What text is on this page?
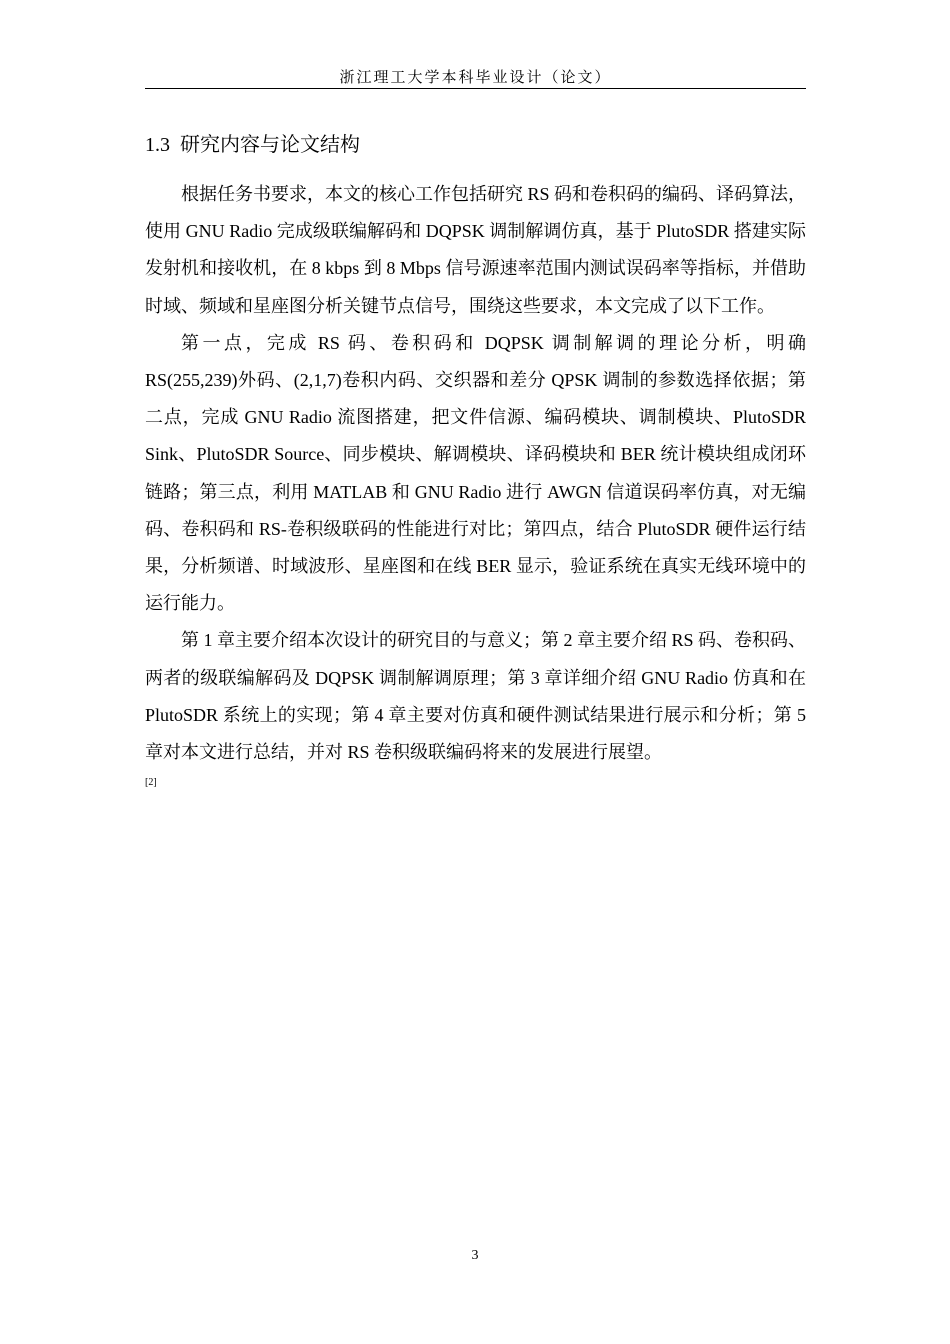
浙江理工大学本科毕业设计（论文）
1.3 研究内容与论文结构

根据任务书要求，本文的核心工作包括研究 RS 码和卷积码的编码、译码算法，使用 GNU Radio 完成级联编解码和 DQPSK 调制解调仿真，基于 PlutoSDR 搭建实际发射机和接收机，在 8 kbps 到 8 Mbps 信号源速率范围内测试误码率等指标，并借助时域、频域和星座图分析关键节点信号，围绕这些要求，本文完成了以下工作。

第一点，完成 RS 码、卷积码和 DQPSK 调制解调的理论分析，明确 RS(255,239)外码、(2,1,7)卷积内码、交织器和差分 QPSK 调制的参数选择依据；第二点，完成 GNU Radio 流图搭建，把文件信源、编码模块、调制模块、PlutoSDR Sink、PlutoSDR Source、同步模块、解调模块、译码模块和 BER 统计模块组成闭环链路；第三点，利用 MATLAB 和 GNU Radio 进行 AWGN 信道误码率仿真，对无编码、卷积码和 RS-卷积级联码的性能进行对比；第四点，结合 PlutoSDR 硬件运行结果，分析频谱、时域波形、星座图和在线 BER 显示，验证系统在真实无线环境中的运行能力。

第 1 章主要介绍本次设计的研究目的与意义；第 2 章主要介绍 RS 码、卷积码、两者的级联编解码及 DQPSK 调制解调原理；第 3 章详细介绍 GNU Radio 仿真和在 PlutoSDR 系统上的实现；第 4 章主要对仿真和硬件测试结果进行展示和分析；第 5 章对本文进行总结，并对 RS 卷积级联编码将来的发展进行展望。

[2]
3
